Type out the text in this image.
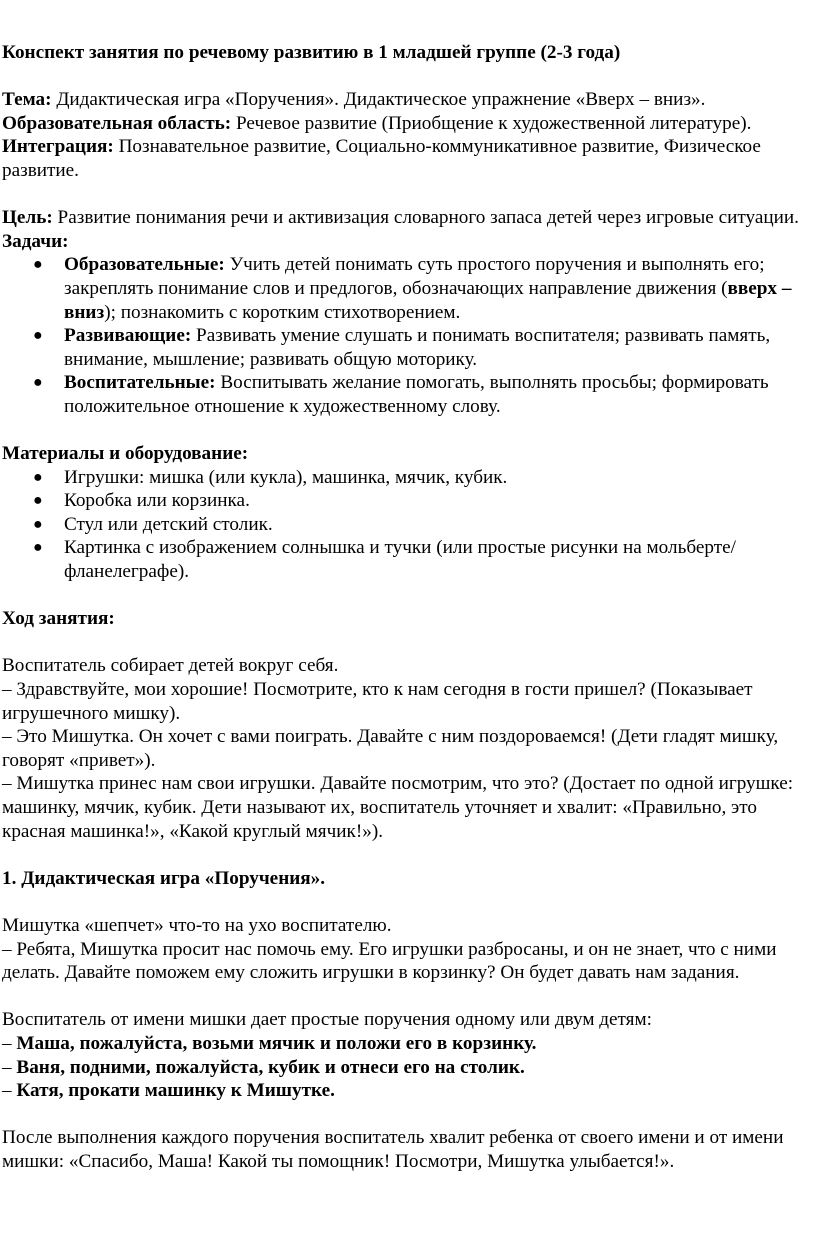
Конспект занятия по речевому развитию в 1 младшей группе (2-3 года)

Тема: Дидактическая игра «Поручения». Дидактическое упражнение «Вверх – вниз».

Образовательная область: Речевое развитие (Приобщение к художественной литературе).

Интеграция: Познавательное развитие, Социально-коммуникативное развитие, Физическое развитие.

Цель: Развитие понимания речи и активизация словарного запаса детей через игровые ситуации.

Задачи:

● Образовательные: Учить детей понимать суть простого поручения и выполнять его; закреплять понимание слов и предлогов, обозначающих направление движения (вверх – вниз); познакомить с коротким стихотворением.
● Развивающие: Развивать умение слушать и понимать воспитателя; развивать память, внимание, мышление; развивать общую моторику.
● Воспитательные: Воспитывать желание помогать, выполнять просьбы; формировать положительное отношение к художественному слову.

Материалы и оборудование:

● Игрушки: мишка (или кукла), машинка, мячик, кубик.
● Коробка или корзинка.
● Стул или детский столик.
● Картинка с изображением солнышка и тучки (или простые рисунки на мольберте/фланелеграфе).

Ход занятия:

Воспитатель собирает детей вокруг себя.

– Здравствуйте, мои хорошие! Посмотрите, кто к нам сегодня в гости пришел? (Показывает игрушечного мишку).

– Это Мишутка. Он хочет с вами поиграть. Давайте с ним поздороваемся! (Дети гладят мишку, говорят «привет»).

– Мишутка принес нам свои игрушки. Давайте посмотрим, что это? (Достает по одной игрушке: машинку, мячик, кубик. Дети называют их, воспитатель уточняет и хвалит: «Правильно, это красная машинка!», «Какой круглый мячик!»).

1. Дидактическая игра «Поручения».

Мишутка «шепчет» что-то на ухо воспитателю.

– Ребята, Мишутка просит нас помочь ему. Его игрушки разбросаны, и он не знает, что с ними делать. Давайте поможем ему сложить игрушки в корзинку? Он будет давать нам задания.

Воспитатель от имени мишки дает простые поручения одному или двум детям:

– Маша, пожалуйста, возьми мячик и положи его в корзинку.

– Ваня, подними, пожалуйста, кубик и отнеси его на столик.

– Катя, прокати машинку к Мишутке.

После выполнения каждого поручения воспитатель хвалит ребенка от своего имени и от имени мишки: «Спасибо, Маша! Какой ты помощник! Посмотри, Мишутка улыбается!».
